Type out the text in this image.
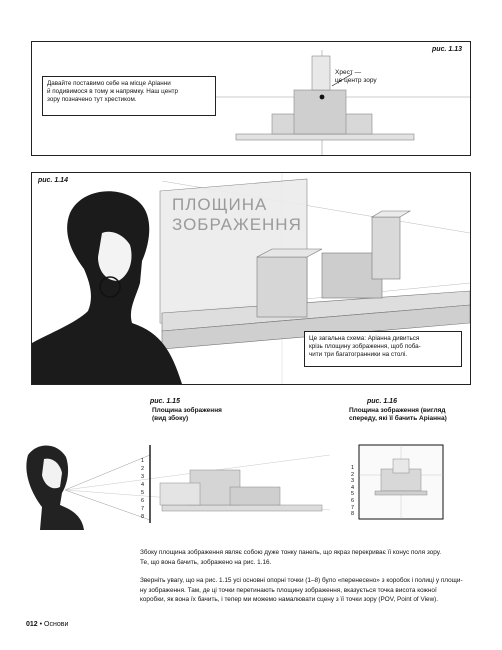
рис. 1.13
Давайте поставимо себе на місце Аріанни
й подивимося в тому ж напрямку. Наш центр
зору позначено тут хрестиком.
Хрест —
це центр зору
рис. 1.14
ПЛОЩИНА
ЗОБРАЖЕННЯ
Це загальна схема: Аріанна дивиться
крізь площину зображення, щоб поба-
чити три багатогранники на столі.
рис. 1.15
Площина зображення
(вид збоку)
1
2
3
4
5
6
7
8
рис. 1.16
Площина зображення (вигляд
спереду, які її бачить Аріанна)
1
2
3
4
5
6
7
8
Збоку площина зображення являє собою дуже тонку панель, що якраз перекриває її конус поля зору.
Те, що вона бачить, зображено на рис. 1.16.
Зверніть увагу, що на рис. 1.15 усі основні опорні точки (1–8) було «перенесено» з коробок і полиці у площи-
ну зображення. Там, де ці точки перетинають площину зображення, вказується точка висота кожної
коробки, як вона їх бачить, і тепер ми можемо намалювати сцену з її точки зору (POV, Point of View).
012 • Основи
